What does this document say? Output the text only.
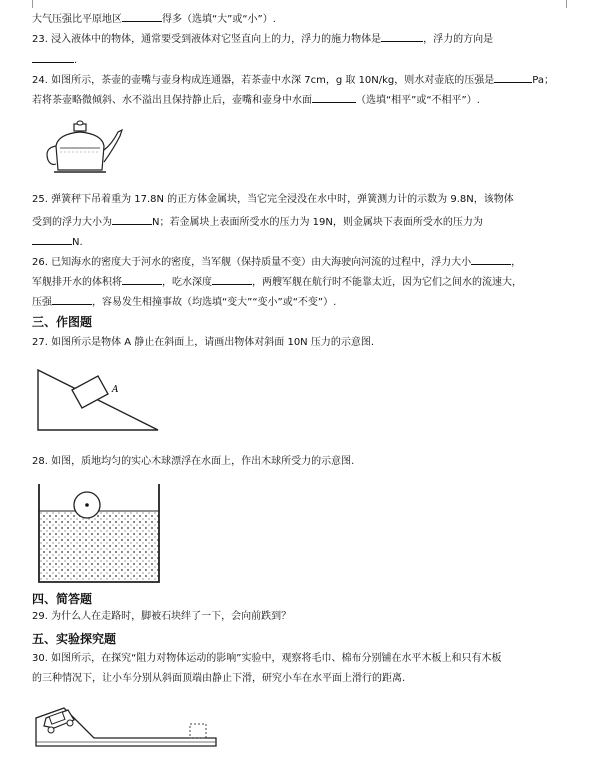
大气压强比平原地区	得多（选填“大”或“小”）.
23. 浸入液体中的物体，通常要受到液体对它竖直向上的力，浮力的施力物体是	，浮力的方向是
.
24. 如图所示，茶壶的壶嘴与壶身构成连通器，若茶壶中水深 7cm，g 取 10N/kg，则水对壶底的压强是	Pa；
若将茶壶略微倾斜、水不溢出且保持静止后，壶嘴和壶身中水面	（选填“相平”或“不相平”）.
25. 弹簧秤下吊着重为 17.8N 的正方体金属块，当它完全浸没在水中时，弹簧测力计的示数为 9.8N，该物体
受到的浮力大小为	N；若金属块上表面所受水的压力为 19N，则金属块下表面所受水的压力为
N.
26. 已知海水的密度大于河水的密度，当军舰（保持质量不变）由大海驶向河流的过程中，浮力大小	，
军舰排开水的体积将	，吃水深度	，两艘军舰在航行时不能靠太近，因为它们之间水的流速大，
压强	，容易发生相撞事故（均选填“变大”“变小”或“不变”）.
三、作图题
27. 如图所示是物体 A 静止在斜面上，请画出物体对斜面 10N 压力的示意图.
A
28. 如图，质地均匀的实心木球漂浮在水面上，作出木球所受力的示意图.
四、简答题
29. 为什么人在走路时，脚被石块绊了一下，会向前跌到？
五、实验探究题
30. 如图所示，在探究“阻力对物体运动的影响”实验中，观察将毛巾、棉布分别铺在水平木板上和只有木板
的三种情况下，让小车分别从斜面顶端由静止下滑，研究小车在水平面上滑行的距离.
